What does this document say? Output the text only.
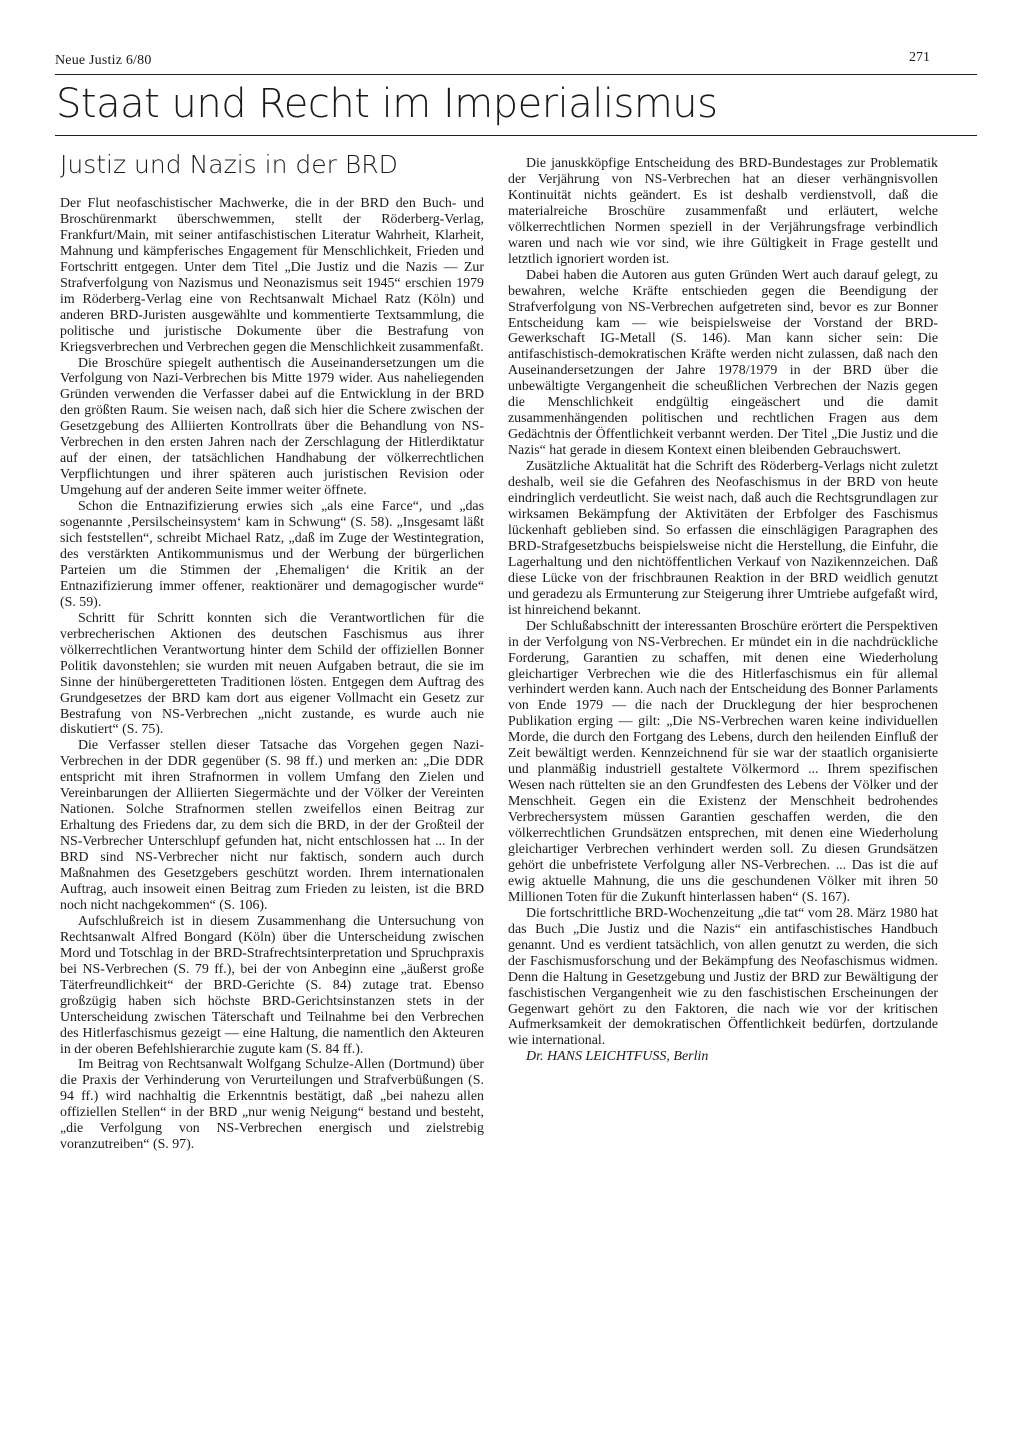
Neue Justiz 6/80	271
Staat und Recht im Imperialismus
Justiz und Nazis in der BRD

Der Flut neofaschistischer Machwerke, die in der BRD den Buch- und Broschürenmarkt überschwemmen, stellt der Röderberg-Verlag, Frankfurt/Main, mit seiner antifaschistischen Literatur Wahrheit, Klarheit, Mahnung und kämpferisches Engagement für Menschlichkeit, Frieden und Fortschritt entgegen. Unter dem Titel „Die Justiz und die Nazis — Zur Strafverfolgung von Nazismus und Neonazismus seit 1945“ erschien 1979 im Röderberg-Verlag eine von Rechtsanwalt Michael Ratz (Köln) und anderen BRD-Juristen ausgewählte und kommentierte Textsammlung, die politische und juristische Dokumente über die Bestrafung von Kriegsverbrechen und Verbrechen gegen die Menschlichkeit zusammenfaßt.

Die Broschüre spiegelt authentisch die Auseinandersetzungen um die Verfolgung von Nazi-Verbrechen bis Mitte 1979 wider. Aus naheliegenden Gründen verwenden die Verfasser dabei auf die Entwicklung in der BRD den größten Raum. Sie weisen nach, daß sich hier die Schere zwischen der Gesetzgebung des Alliierten Kontrollrats über die Behandlung von NS-Verbrechen in den ersten Jahren nach der Zerschlagung der Hitlerdiktatur auf der einen, der tatsächlichen Handhabung der völkerrechtlichen Verpflichtungen und ihrer späteren auch juristischen Revision oder Umgehung auf der anderen Seite immer weiter öffnete.

Schon die Entnazifizierung erwies sich „als eine Farce“, und „das sogenannte ‚Persilscheinsystem‘ kam in Schwung“ (S. 58). „Insgesamt läßt sich feststellen“, schreibt Michael Ratz, „daß im Zuge der Westintegration, des verstärkten Antikommunismus und der Werbung der bürgerlichen Parteien um die Stimmen der ‚Ehemaligen‘ die Kritik an der Entnazifizierung immer offener, reaktionärer und demagogischer wurde“ (S. 59).

Schritt für Schritt konnten sich die Verantwortlichen für die verbrecherischen Aktionen des deutschen Faschismus aus ihrer völkerrechtlichen Verantwortung hinter dem Schild der offiziellen Bonner Politik davonstehlen; sie wurden mit neuen Aufgaben betraut, die sie im Sinne der hinübergeretteten Traditionen lösten. Entgegen dem Auftrag des Grundgesetzes der BRD kam dort aus eigener Vollmacht ein Gesetz zur Bestrafung von NS-Verbrechen „nicht zustande, es wurde auch nie diskutiert“ (S. 75).

Die Verfasser stellen dieser Tatsache das Vorgehen gegen Nazi-Verbrechen in der DDR gegenüber (S. 98 ff.) und merken an: „Die DDR entspricht mit ihren Strafnormen in vollem Umfang den Zielen und Vereinbarungen der Alliierten Siegermächte und der Völker der Vereinten Nationen. Solche Strafnormen stellen zweifellos einen Beitrag zur Erhaltung des Friedens dar, zu dem sich die BRD, in der der Großteil der NS-Verbrecher Unterschlupf gefunden hat, nicht entschlossen hat ... In der BRD sind NS-Verbrecher nicht nur faktisch, sondern auch durch Maßnahmen des Gesetzgebers geschützt worden. Ihrem internationalen Auftrag, auch insoweit einen Beitrag zum Frieden zu leisten, ist die BRD noch nicht nachgekommen“ (S. 106).

Aufschlußreich ist in diesem Zusammenhang die Untersuchung von Rechtsanwalt Alfred Bongard (Köln) über die Unterscheidung zwischen Mord und Totschlag in der BRD-Strafrechtsinterpretation und Spruchpraxis bei NS-Verbrechen (S. 79 ff.), bei der von Anbeginn eine „äußerst große Täterfreundlichkeit“ der BRD-Gerichte (S. 84) zutage trat. Ebenso großzügig haben sich höchste BRD-Gerichtsinstanzen stets in der Unterscheidung zwischen Täterschaft und Teilnahme bei den Verbrechen des Hitlerfaschismus gezeigt — eine Haltung, die namentlich den Akteuren in der oberen Befehlshierarchie zugute kam (S. 84 ff.).

Im Beitrag von Rechtsanwalt Wolfgang Schulze-Allen (Dortmund) über die Praxis der Verhinderung von Verurteilungen und Strafverbüßungen (S. 94 ff.) wird nachhaltig die Erkenntnis bestätigt, daß „bei nahezu allen offiziellen Stellen“ in der BRD „nur wenig Neigung“ bestand und besteht, „die Verfolgung von NS-Verbrechen energisch und zielstrebig voranzutreiben“ (S. 97).

Die januskköpfige Entscheidung des BRD-Bundestages zur Problematik der Verjährung von NS-Verbrechen hat an dieser verhängnisvollen Kontinuität nichts geändert. Es ist deshalb verdienstvoll, daß die materialreiche Broschüre zusammenfaßt und erläutert, welche völkerrechtlichen Normen speziell in der Verjährungsfrage verbindlich waren und nach wie vor sind, wie ihre Gültigkeit in Frage gestellt und letztlich ignoriert worden ist.

Dabei haben die Autoren aus guten Gründen Wert auch darauf gelegt, zu bewahren, welche Kräfte entschieden gegen die Beendigung der Strafverfolgung von NS-Verbrechen aufgetreten sind, bevor es zur Bonner Entscheidung kam — wie beispielsweise der Vorstand der BRD-Gewerkschaft IG-Metall (S. 146). Man kann sicher sein: Die antifaschistisch-demokratischen Kräfte werden nicht zulassen, daß nach den Auseinandersetzungen der Jahre 1978/1979 in der BRD über die unbewältigte Vergangenheit die scheußlichen Verbrechen der Nazis gegen die Menschlichkeit endgültig eingeäschert und die damit zusammenhängenden politischen und rechtlichen Fragen aus dem Gedächtnis der Öffentlichkeit verbannt werden. Der Titel „Die Justiz und die Nazis“ hat gerade in diesem Kontext einen bleibenden Gebrauchswert.

Zusätzliche Aktualität hat die Schrift des Röderberg-Verlags nicht zuletzt deshalb, weil sie die Gefahren des Neofaschismus in der BRD von heute eindringlich verdeutlicht. Sie weist nach, daß auch die Rechtsgrundlagen zur wirksamen Bekämpfung der Aktivitäten der Erbfolger des Faschismus lückenhaft geblieben sind. So erfassen die einschlägigen Paragraphen des BRD-Strafgesetzbuchs beispielsweise nicht die Herstellung, die Einfuhr, die Lagerhaltung und den nichtöffentlichen Verkauf von Nazikennzeichen. Daß diese Lücke von der frischbraunen Reaktion in der BRD weidlich genutzt und geradezu als Ermunterung zur Steigerung ihrer Umtriebe aufgefaßt wird, ist hinreichend bekannt.

Der Schlußabschnitt der interessanten Broschüre erörtert die Perspektiven in der Verfolgung von NS-Verbrechen. Er mündet ein in die nachdrückliche Forderung, Garantien zu schaffen, mit denen eine Wiederholung gleichartiger Verbrechen wie die des Hitlerfaschismus ein für allemal verhindert werden kann. Auch nach der Entscheidung des Bonner Parlaments von Ende 1979 — die nach der Drucklegung der hier besprochenen Publikation erging — gilt: „Die NS-Verbrechen waren keine individuellen Morde, die durch den Fortgang des Lebens, durch den heilenden Einfluß der Zeit bewältigt werden. Kennzeichnend für sie war der staatlich organisierte und planmäßig industriell gestaltete Völkermord ... Ihrem spezifischen Wesen nach rüttelten sie an den Grundfesten des Lebens der Völker und der Menschheit. Gegen ein die Existenz der Menschheit bedrohendes Verbrechersystem müssen Garantien geschaffen werden, die den völkerrechtlichen Grundsätzen entsprechen, mit denen eine Wiederholung gleichartiger Verbrechen verhindert werden soll. Zu diesen Grundsätzen gehört die unbefristete Verfolgung aller NS-Verbrechen. ... Das ist die auf ewig aktuelle Mahnung, die uns die geschundenen Völker mit ihren 50 Millionen Toten für die Zukunft hinterlassen haben“ (S. 167).

Die fortschrittliche BRD-Wochenzeitung „die tat“ vom 28. März 1980 hat das Buch „Die Justiz und die Nazis“ ein antifaschistisches Handbuch genannt. Und es verdient tatsächlich, von allen genutzt zu werden, die sich der Faschismusforschung und der Bekämpfung des Neofaschismus widmen. Denn die Haltung in Gesetzgebung und Justiz der BRD zur Bewältigung der faschistischen Vergangenheit wie zu den faschistischen Erscheinungen der Gegenwart gehört zu den Faktoren, die nach wie vor der kritischen Aufmerksamkeit der demokratischen Öffentlichkeit bedürfen, dortzulande wie international.

Dr. HANS LEICHTFUSS, Berlin
